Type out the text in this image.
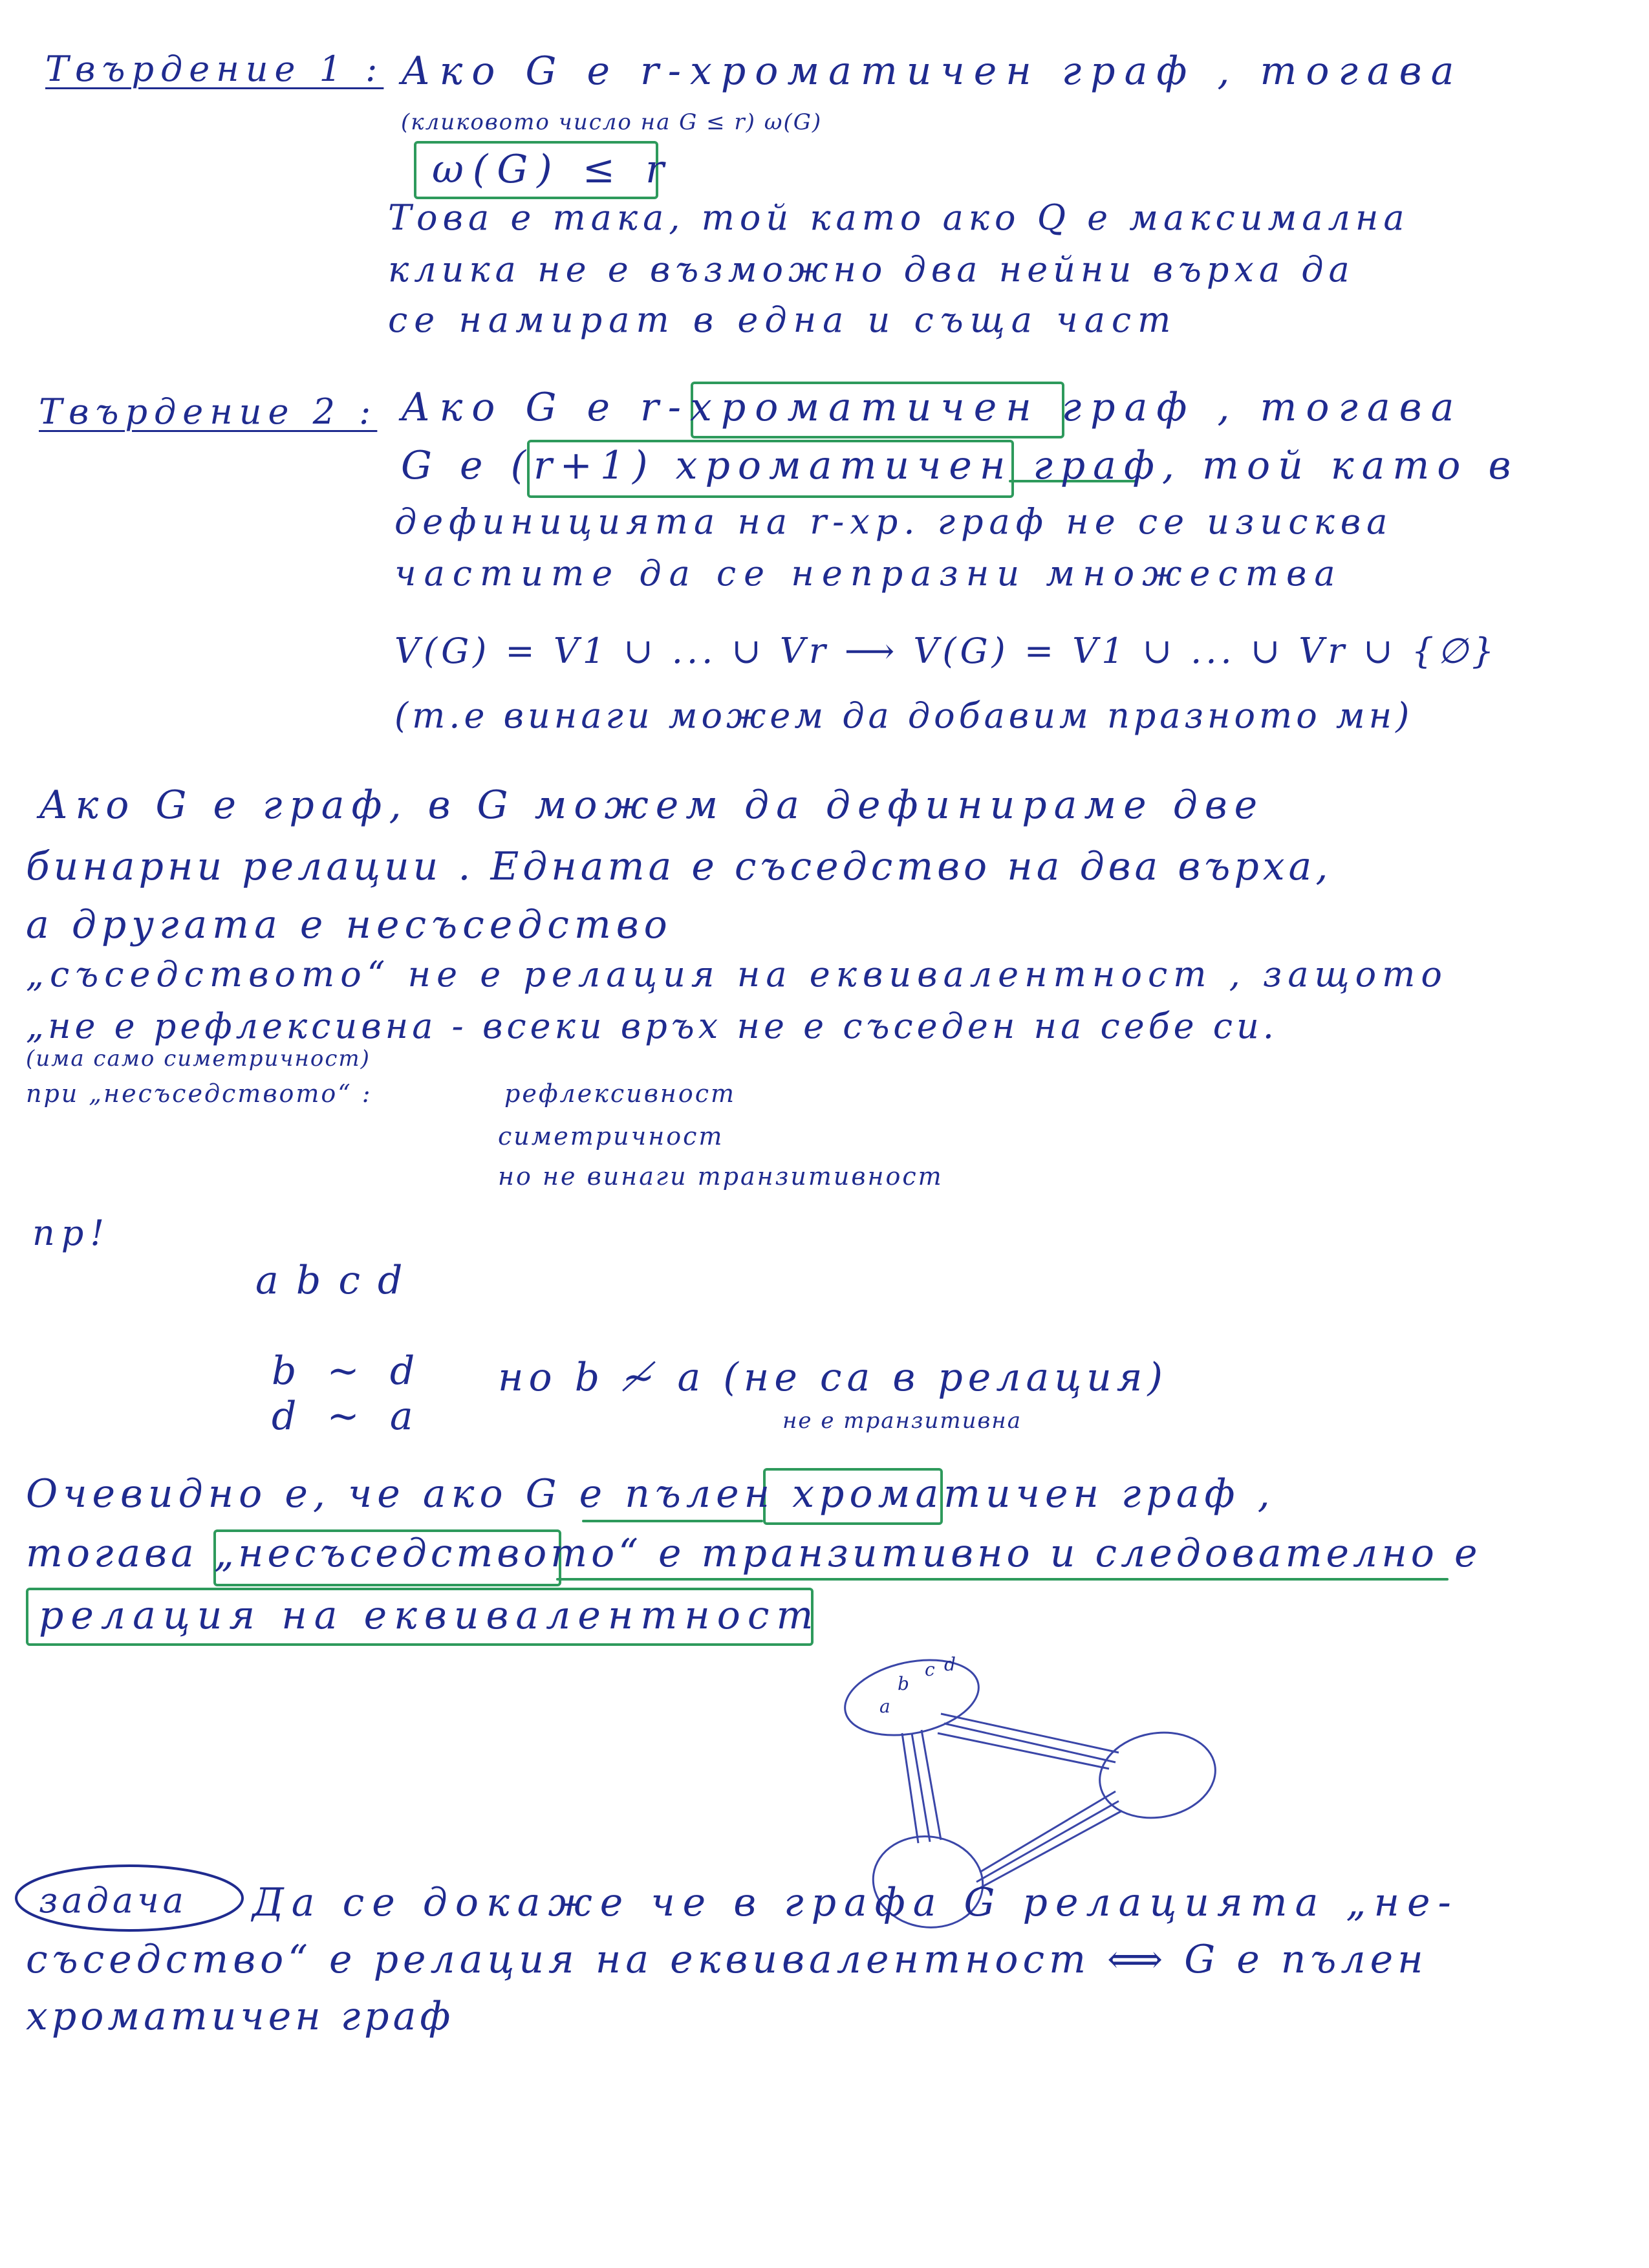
Твърдение 1 : Ако G е r-хроматичен граф , тогава
(кликовото число на G ≤ r) ω(G)
ω(G) ≤ r
Това е така, той като ако Q е максимална
клика не е възможно два нейни върха да
се намират в една и съща част
Твърдение 2 : Ако G е r-хроматичен граф , тогава
G е (r+1) хроматичен граф, той като в
дефиницията на r-хр. граф не се изисква
частите да се непразни множества
V(G) = V1 ∪ ... ∪ Vr ⟶ V(G) = V1 ∪ ... ∪ Vr ∪ {∅}
(т.е винаги можем да добавим празното мн)
Ако G е граф, в G можем да дефинираме две
бинарни релации . Едната е съседство на два върха,
а другата е несъседство
„съседството“ не е релация на еквивалентност , защото
„не е рефлексивна - всеки връх не е съседен на себе си.
(има само симетричност)
при „несъседството“ :	рефлексивност
симетричност
но не винаги транзитивност
пр!
a b c d
b ∼ d
d ∼ a
но b ≁ a (не са в релация)
не е транзитивна
Очевидно е, че ако G е пълен хроматичен граф ,
тогава „несъседството“ е транзитивно и следователно е
релация на еквивалентност
a
b
c d
задача Да се докаже че в графа G релацията „не-
съседство“ е релация на еквивалентност ⟺ G е пълен
хроматичен граф
